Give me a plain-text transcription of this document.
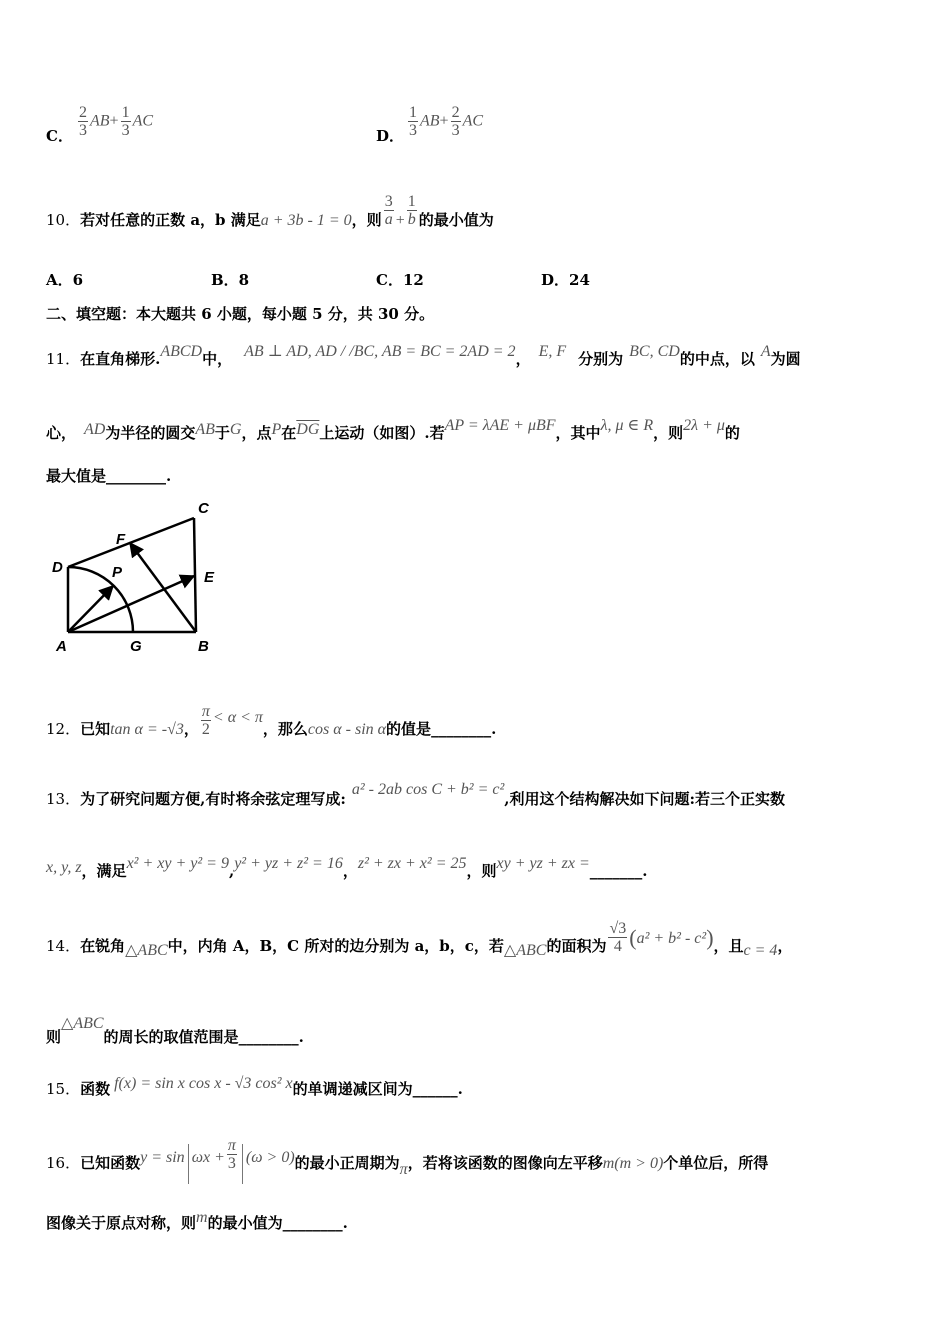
C． $\frac{2}{3} AB+ \frac{1}{3}$ AC
D． $\frac{1}{3} AB+ \frac{2}{3}$ AC
10．若对任意的正数 a，b 满足a + 3b - 1 = 0，则 $\frac{3}{a} + \frac{1}{b}$ 的最小值为
A．6	B．8	C．12	D．24
二、填空题：本大题共 6 小题，每小题 5 分，共 30 分。
11．在直角梯形.ABCD中， AB ⊥ AD, AD / /BC, AB = BC = 2AD = 2， E, F 分别为 BC, CD的中点，以 A为圆
心， AD为半径的圆交AB于G，点P在$\overline{DG}$上运动（如图）.若AP = λAE + μBF，其中λ, μ ∈ R，则2λ + μ的
最大值是________.
C
F
D	P	E
A	G	B
12．已知tan α = -√3， $\frac{\pi}{2} < \alpha < \pi$，那么cos α - sin α的值是________.
13．为了研究问题方便,有时将余弦定理写成:a² - 2ab cos C + b² = c²,利用这个结构解决如下问题:若三个正实数
x, y, z，满足x² + xy + y² = 9,y² + yz + z² = 16，z² + zx + x² = 25，则xy + yz + zx =_______.
14．在锐角△ABC中，内角 A，B，C 所对的边分别为 a，b，c，若△ABC的面积为 $\frac{√3}{4} (a^2 + b^2 - c^2)$，且c = 4，
则△ABC的周长的取值范围是________.
15．函数 f(x) = sin x cos x - √3 cos² x的单调递减区间为______.
16．已知函数$y = \sin \omega x + \frac{\pi}{3} (\omega > 0)$的最小正周期为π，若将该函数的图像向左平移m(m > 0)个单位后，所得
图像关于原点对称，则m的最小值为________.
